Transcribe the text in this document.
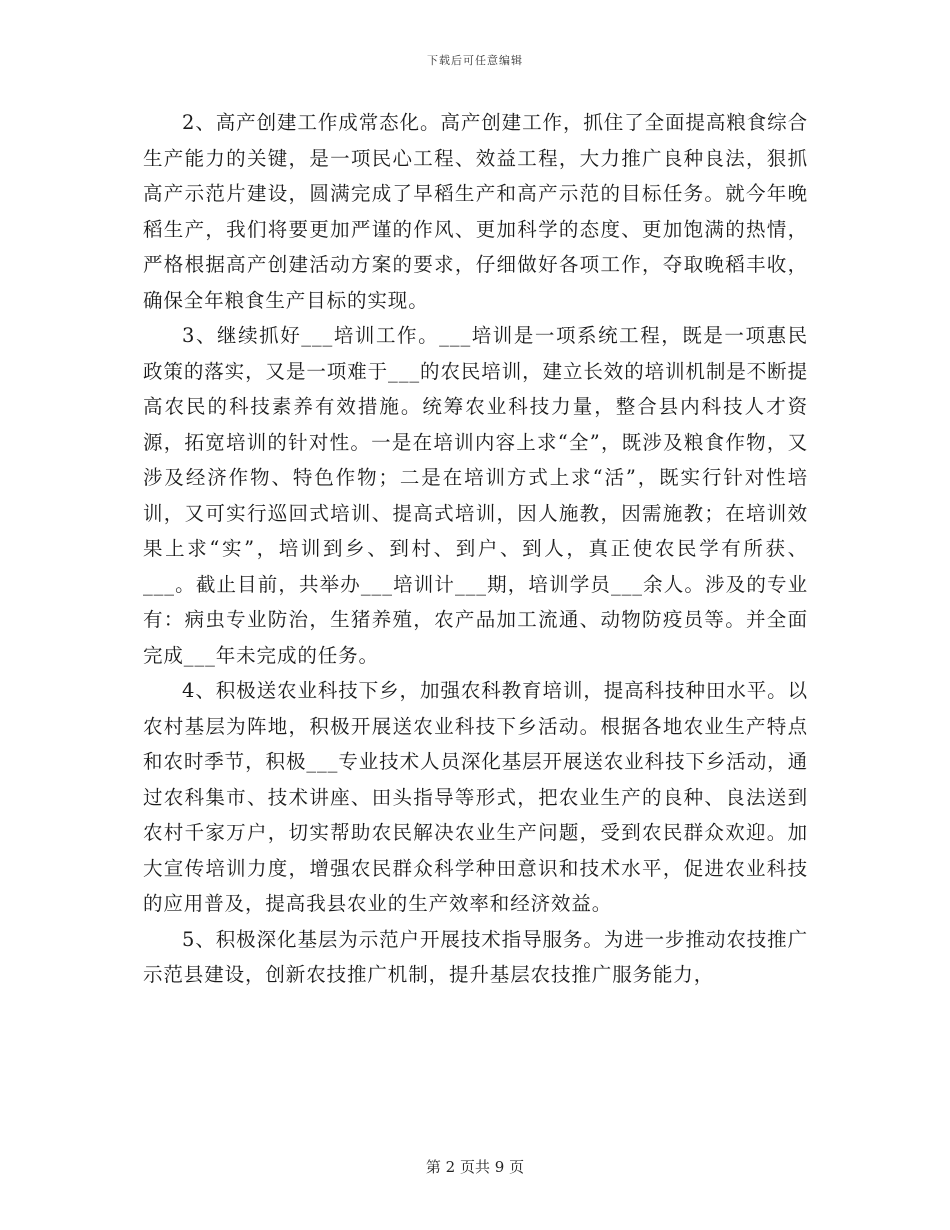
下载后可任意编辑

2、高产创建工作成常态化。高产创建工作，抓住了全面提高粮食综合生产能力的关键，是一项民心工程、效益工程，大力推广良种良法，狠抓高产示范片建设，圆满完成了早稻生产和高产示范的目标任务。就今年晚稻生产，我们将要更加严谨的作风、更加科学的态度、更加饱满的热情，严格根据高产创建活动方案的要求，仔细做好各项工作，夺取晚稻丰收，确保全年粮食生产目标的实现。

3、继续抓好___培训工作。___培训是一项系统工程，既是一项惠民政策的落实，又是一项难于___的农民培训，建立长效的培训机制是不断提高农民的科技素养有效措施。统筹农业科技力量，整合县内科技人才资源，拓宽培训的针对性。一是在培训内容上求“全”，既涉及粮食作物，又涉及经济作物、特色作物；二是在培训方式上求“活”，既实行针对性培训，又可实行巡回式培训、提高式培训，因人施教，因需施教；在培训效果上求“实”，培训到乡、到村、到户、到人，真正使农民学有所获、___。截止目前，共举办___培训计___期，培训学员___余人。涉及的专业有：病虫专业防治，生猪养殖，农产品加工流通、动物防疫员等。并全面完成___年未完成的任务。

4、积极送农业科技下乡，加强农科教育培训，提高科技种田水平。以农村基层为阵地，积极开展送农业科技下乡活动。根据各地农业生产特点和农时季节，积极___专业技术人员深化基层开展送农业科技下乡活动，通过农科集市、技术讲座、田头指导等形式，把农业生产的良种、良法送到农村千家万户，切实帮助农民解决农业生产问题，受到农民群众欢迎。加大宣传培训力度，增强农民群众科学种田意识和技术水平，促进农业科技的应用普及，提高我县农业的生产效率和经济效益。

5、积极深化基层为示范户开展技术指导服务。为进一步推动农技推广示范县建设，创新农技推广机制，提升基层农技推广服务能力，

第 2 页共 9 页
